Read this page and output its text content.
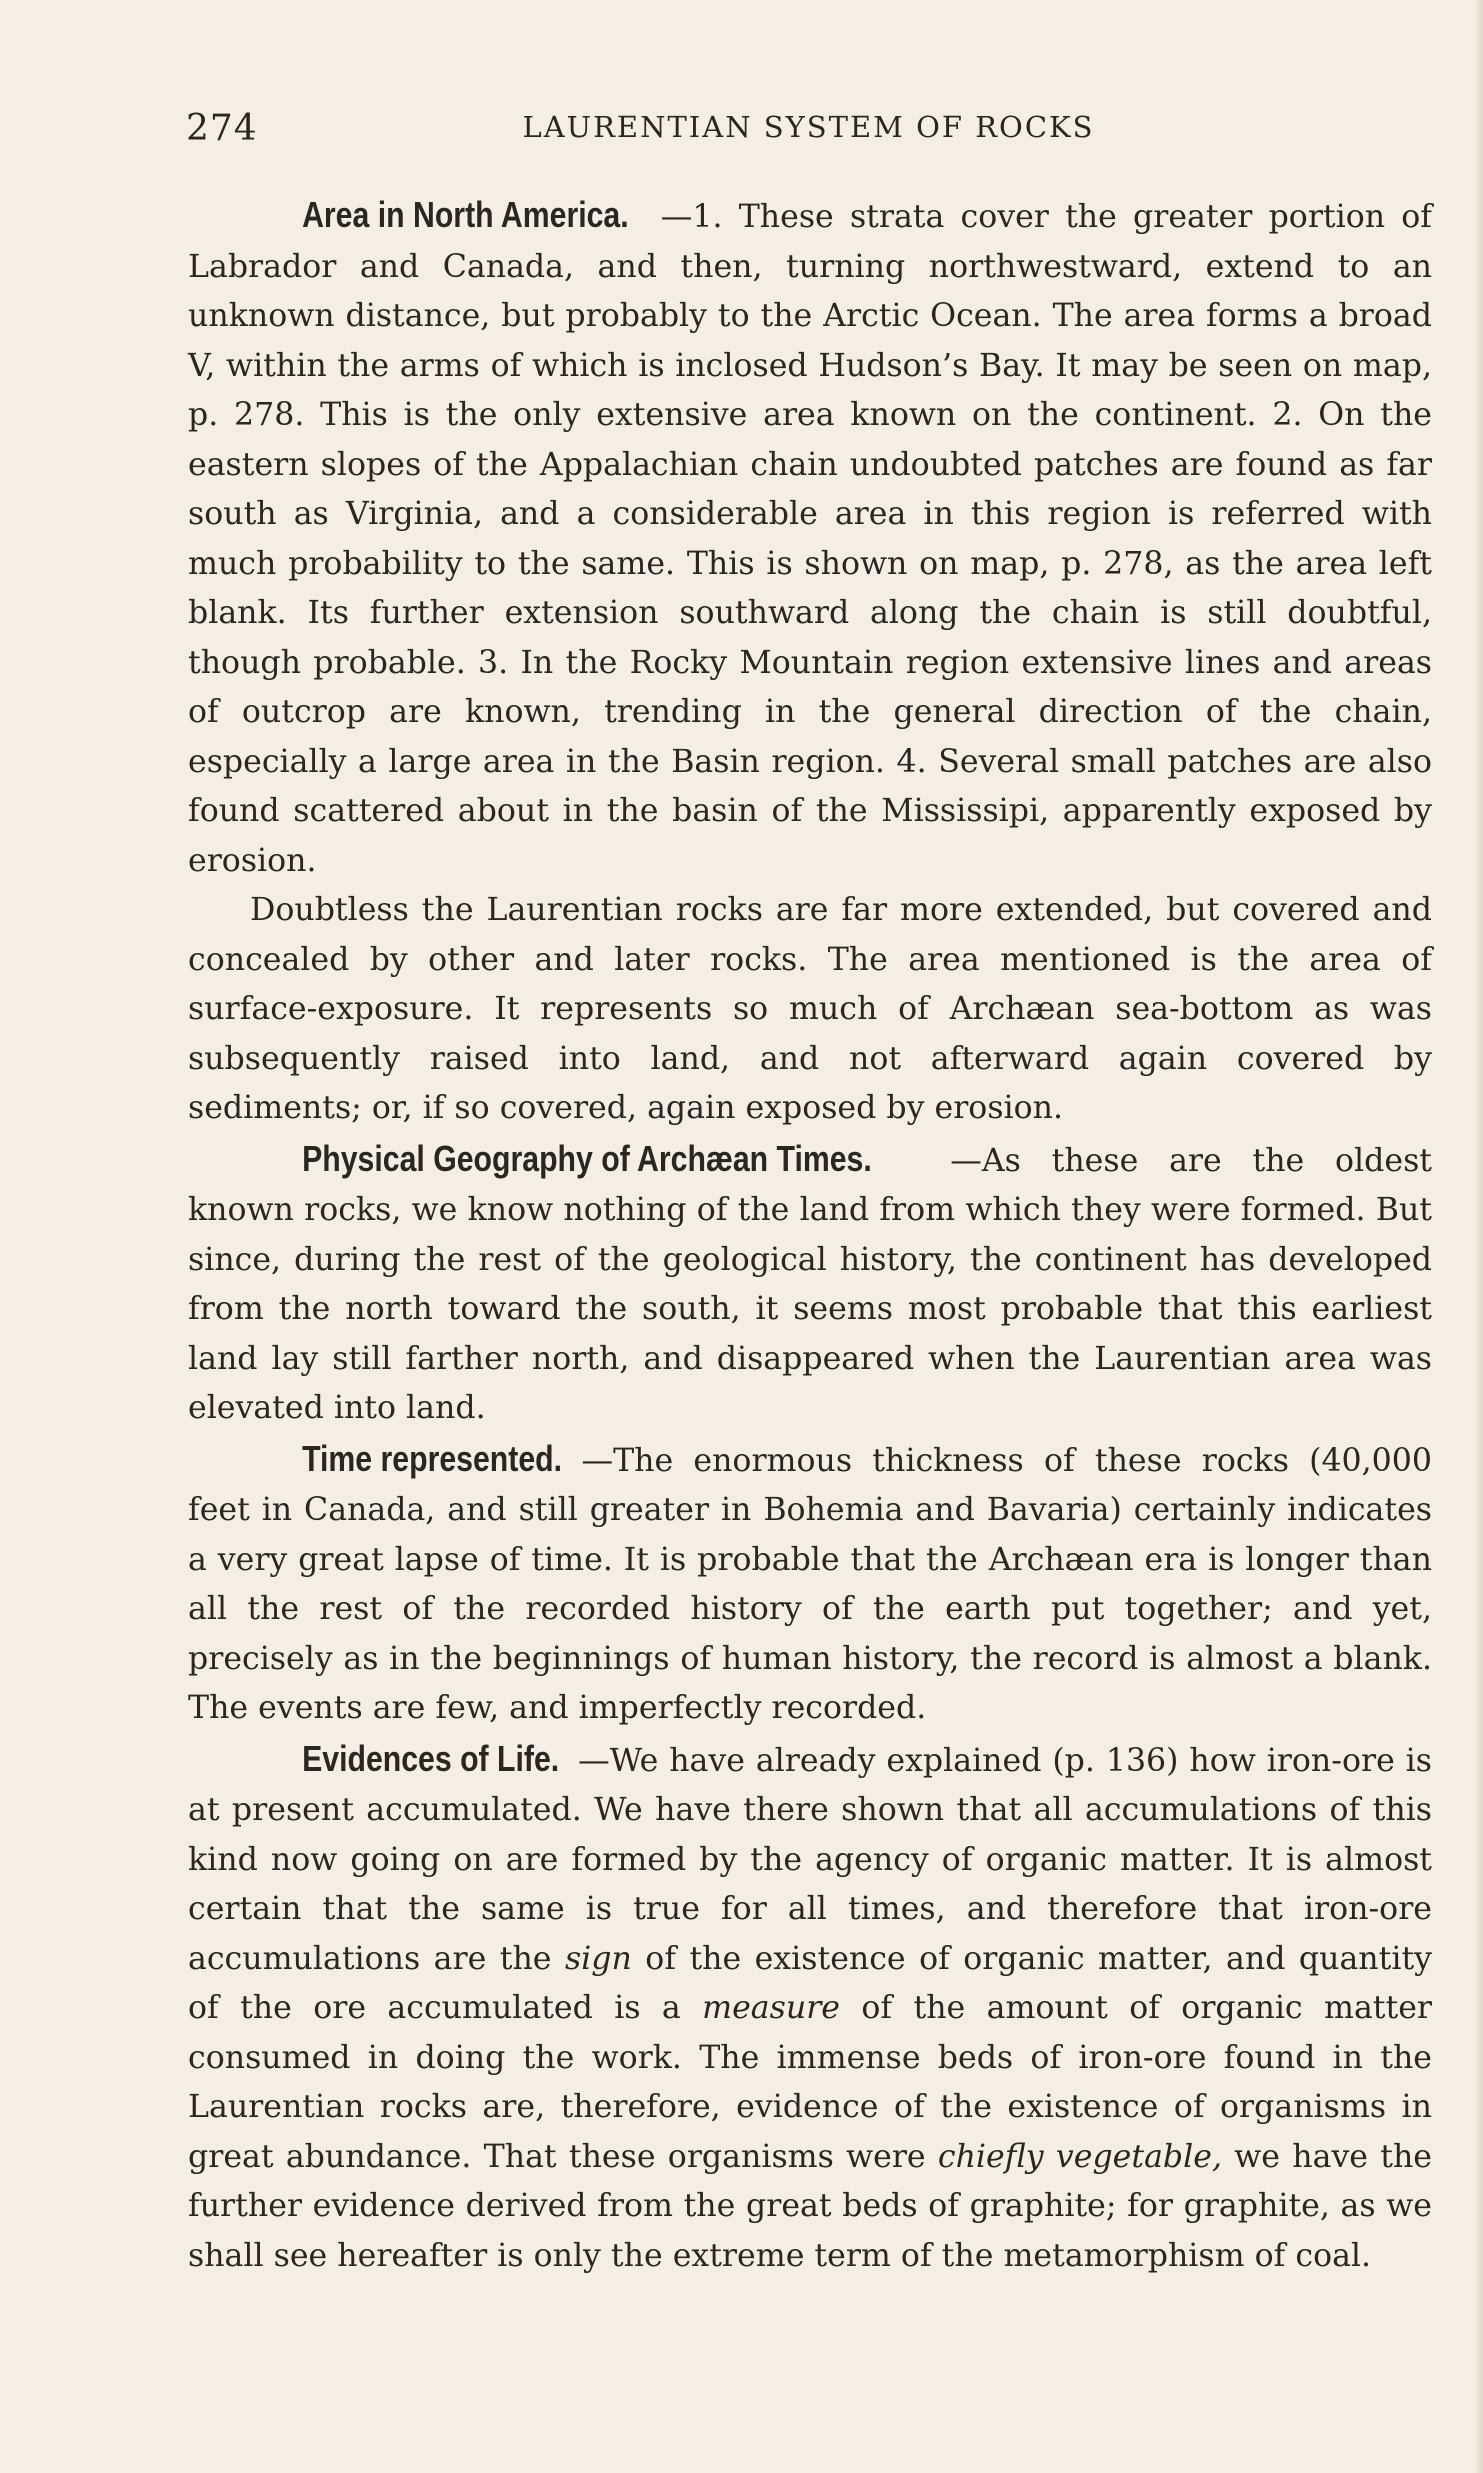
274	LAURENTIAN SYSTEM OF ROCKS

Area in North America. —1. These strata cover the greater portion of Labrador and Canada, and then, turning northwestward, extend to an unknown distance, but probably to the Arctic Ocean. The area forms a broad V, within the arms of which is inclosed Hudson’s Bay. It may be seen on map, p. 278. This is the only extensive area known on the continent. 2. On the eastern slopes of the Appalachian chain undoubted patches are found as far south as Virginia, and a considerable area in this region is referred with much probability to the same. This is shown on map, p. 278, as the area left blank. Its further extension southward along the chain is still doubtful, though probable. 3. In the Rocky Mountain region extensive lines and areas of outcrop are known, trending in the general direction of the chain, especially a large area in the Basin region. 4. Several small patches are also found scattered about in the basin of the Mississipi, apparently exposed by erosion.

Doubtless the Laurentian rocks are far more extended, but covered and concealed by other and later rocks. The area mentioned is the area of surface-exposure. It represents so much of Archæan sea-bottom as was subsequently raised into land, and not afterward again covered by sediments; or, if so covered, again exposed by erosion.

Physical Geography of Archæan Times. —As these are the oldest known rocks, we know nothing of the land from which they were formed. But since, during the rest of the geological history, the continent has developed from the north toward the south, it seems most probable that this earliest land lay still farther north, and disappeared when the Laurentian area was elevated into land.

Time represented. —The enormous thickness of these rocks (40,000 feet in Canada, and still greater in Bohemia and Bavaria) certainly indicates a very great lapse of time. It is probable that the Archæan era is longer than all the rest of the recorded history of the earth put together; and yet, precisely as in the beginnings of human history, the record is almost a blank. The events are few, and imperfectly recorded.

Evidences of Life. —We have already explained (p. 136) how iron-ore is at present accumulated. We have there shown that all accumulations of this kind now going on are formed by the agency of organic matter. It is almost certain that the same is true for all times, and therefore that iron-ore accumulations are the sign of the existence of organic matter, and quantity of the ore accumulated is a measure of the amount of organic matter consumed in doing the work. The immense beds of iron-ore found in the Laurentian rocks are, therefore, evidence of the existence of organisms in great abundance. That these organisms were chiefly vegetable, we have the further evidence derived from the great beds of graphite; for graphite, as we shall see hereafter is only the extreme term of the metamorphism of coal.
